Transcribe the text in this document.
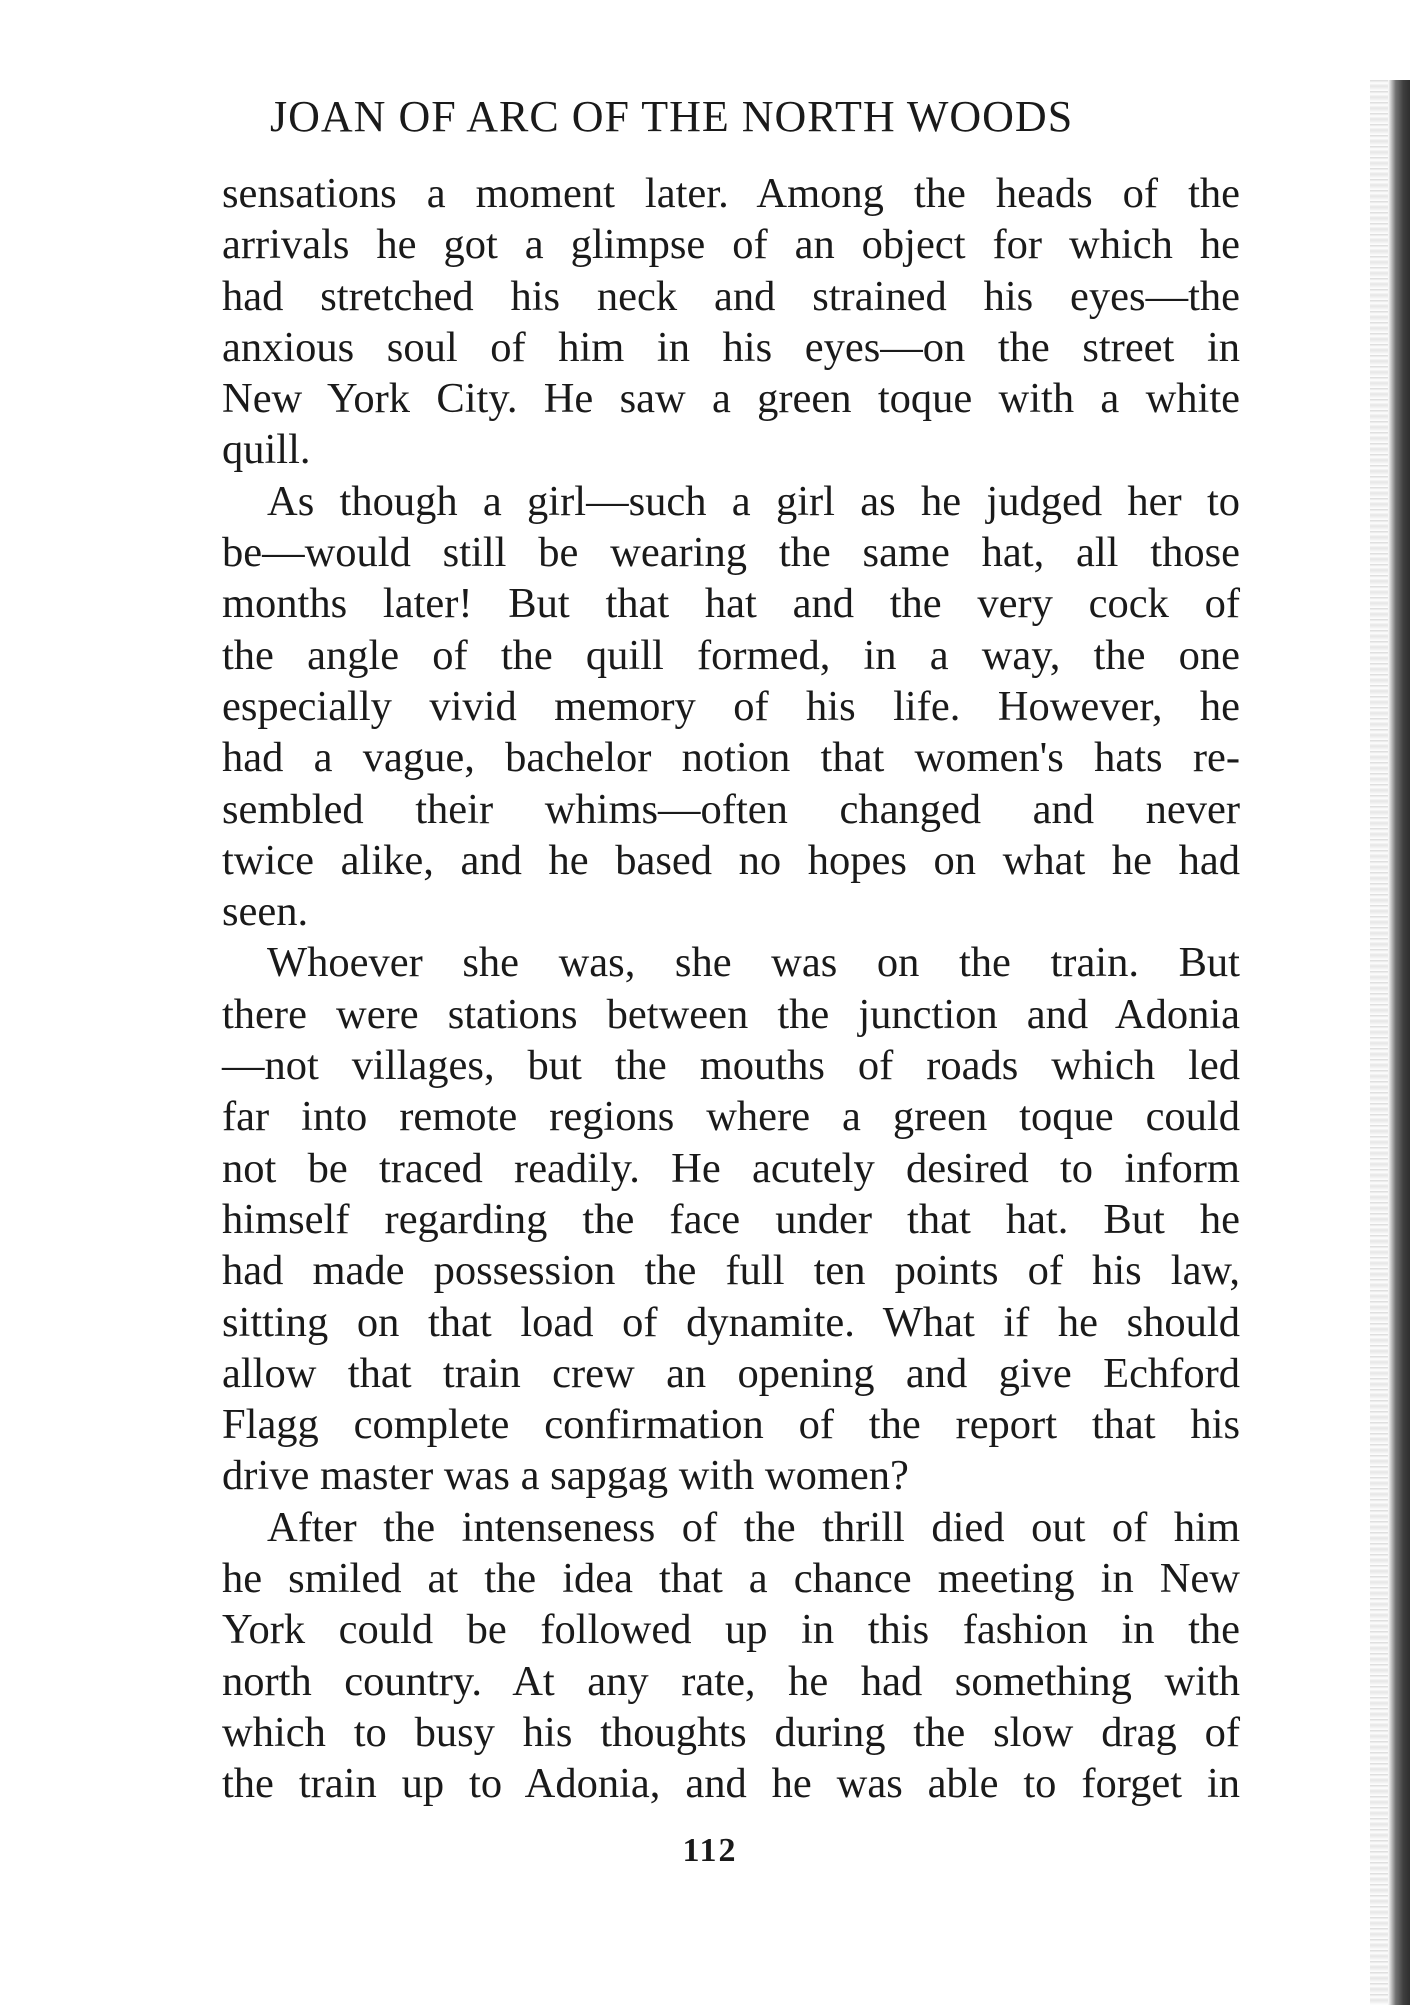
JOAN OF ARC OF THE NORTH WOODS
sensations a moment later. Among the heads of the
arrivals he got a glimpse of an object for which he
had stretched his neck and strained his eyes—the
anxious soul of him in his eyes—on the street in
New York City. He saw a green toque with a white
quill.
As though a girl—such a girl as he judged her to
be—would still be wearing the same hat, all those
months later! But that hat and the very cock of
the angle of the quill formed, in a way, the one
especially vivid memory of his life. However, he
had a vague, bachelor notion that women's hats re-
sembled their whims—often changed and never
twice alike, and he based no hopes on what he had
seen.
Whoever she was, she was on the train. But
there were stations between the junction and Adonia
—not villages, but the mouths of roads which led
far into remote regions where a green toque could
not be traced readily. He acutely desired to inform
himself regarding the face under that hat. But he
had made possession the full ten points of his law,
sitting on that load of dynamite. What if he should
allow that train crew an opening and give Echford
Flagg complete confirmation of the report that his
drive master was a sapgag with women?
After the intenseness of the thrill died out of him
he smiled at the idea that a chance meeting in New
York could be followed up in this fashion in the
north country. At any rate, he had something with
which to busy his thoughts during the slow drag of
the train up to Adonia, and he was able to forget in
112
